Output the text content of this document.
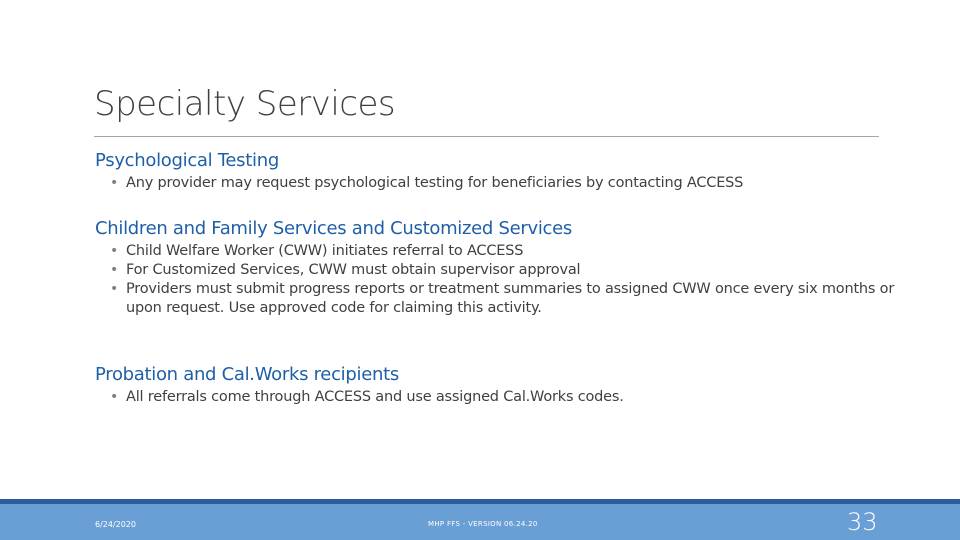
Specialty Services
Psychological Testing
• Any provider may request psychological testing for beneficiaries by contacting ACCESS
Children and Family Services and Customized Services
• Child Welfare Worker (CWW) initiates referral to ACCESS
• For Customized Services, CWW must obtain supervisor approval
• Providers must submit progress reports or treatment summaries to assigned CWW once every six months or upon request. Use approved code for claiming this activity.
Probation and Cal.Works recipients
• All referrals come through ACCESS and use assigned Cal.Works codes.
6/24/2020	MHP FFS - VERSION 06.24.20	33
